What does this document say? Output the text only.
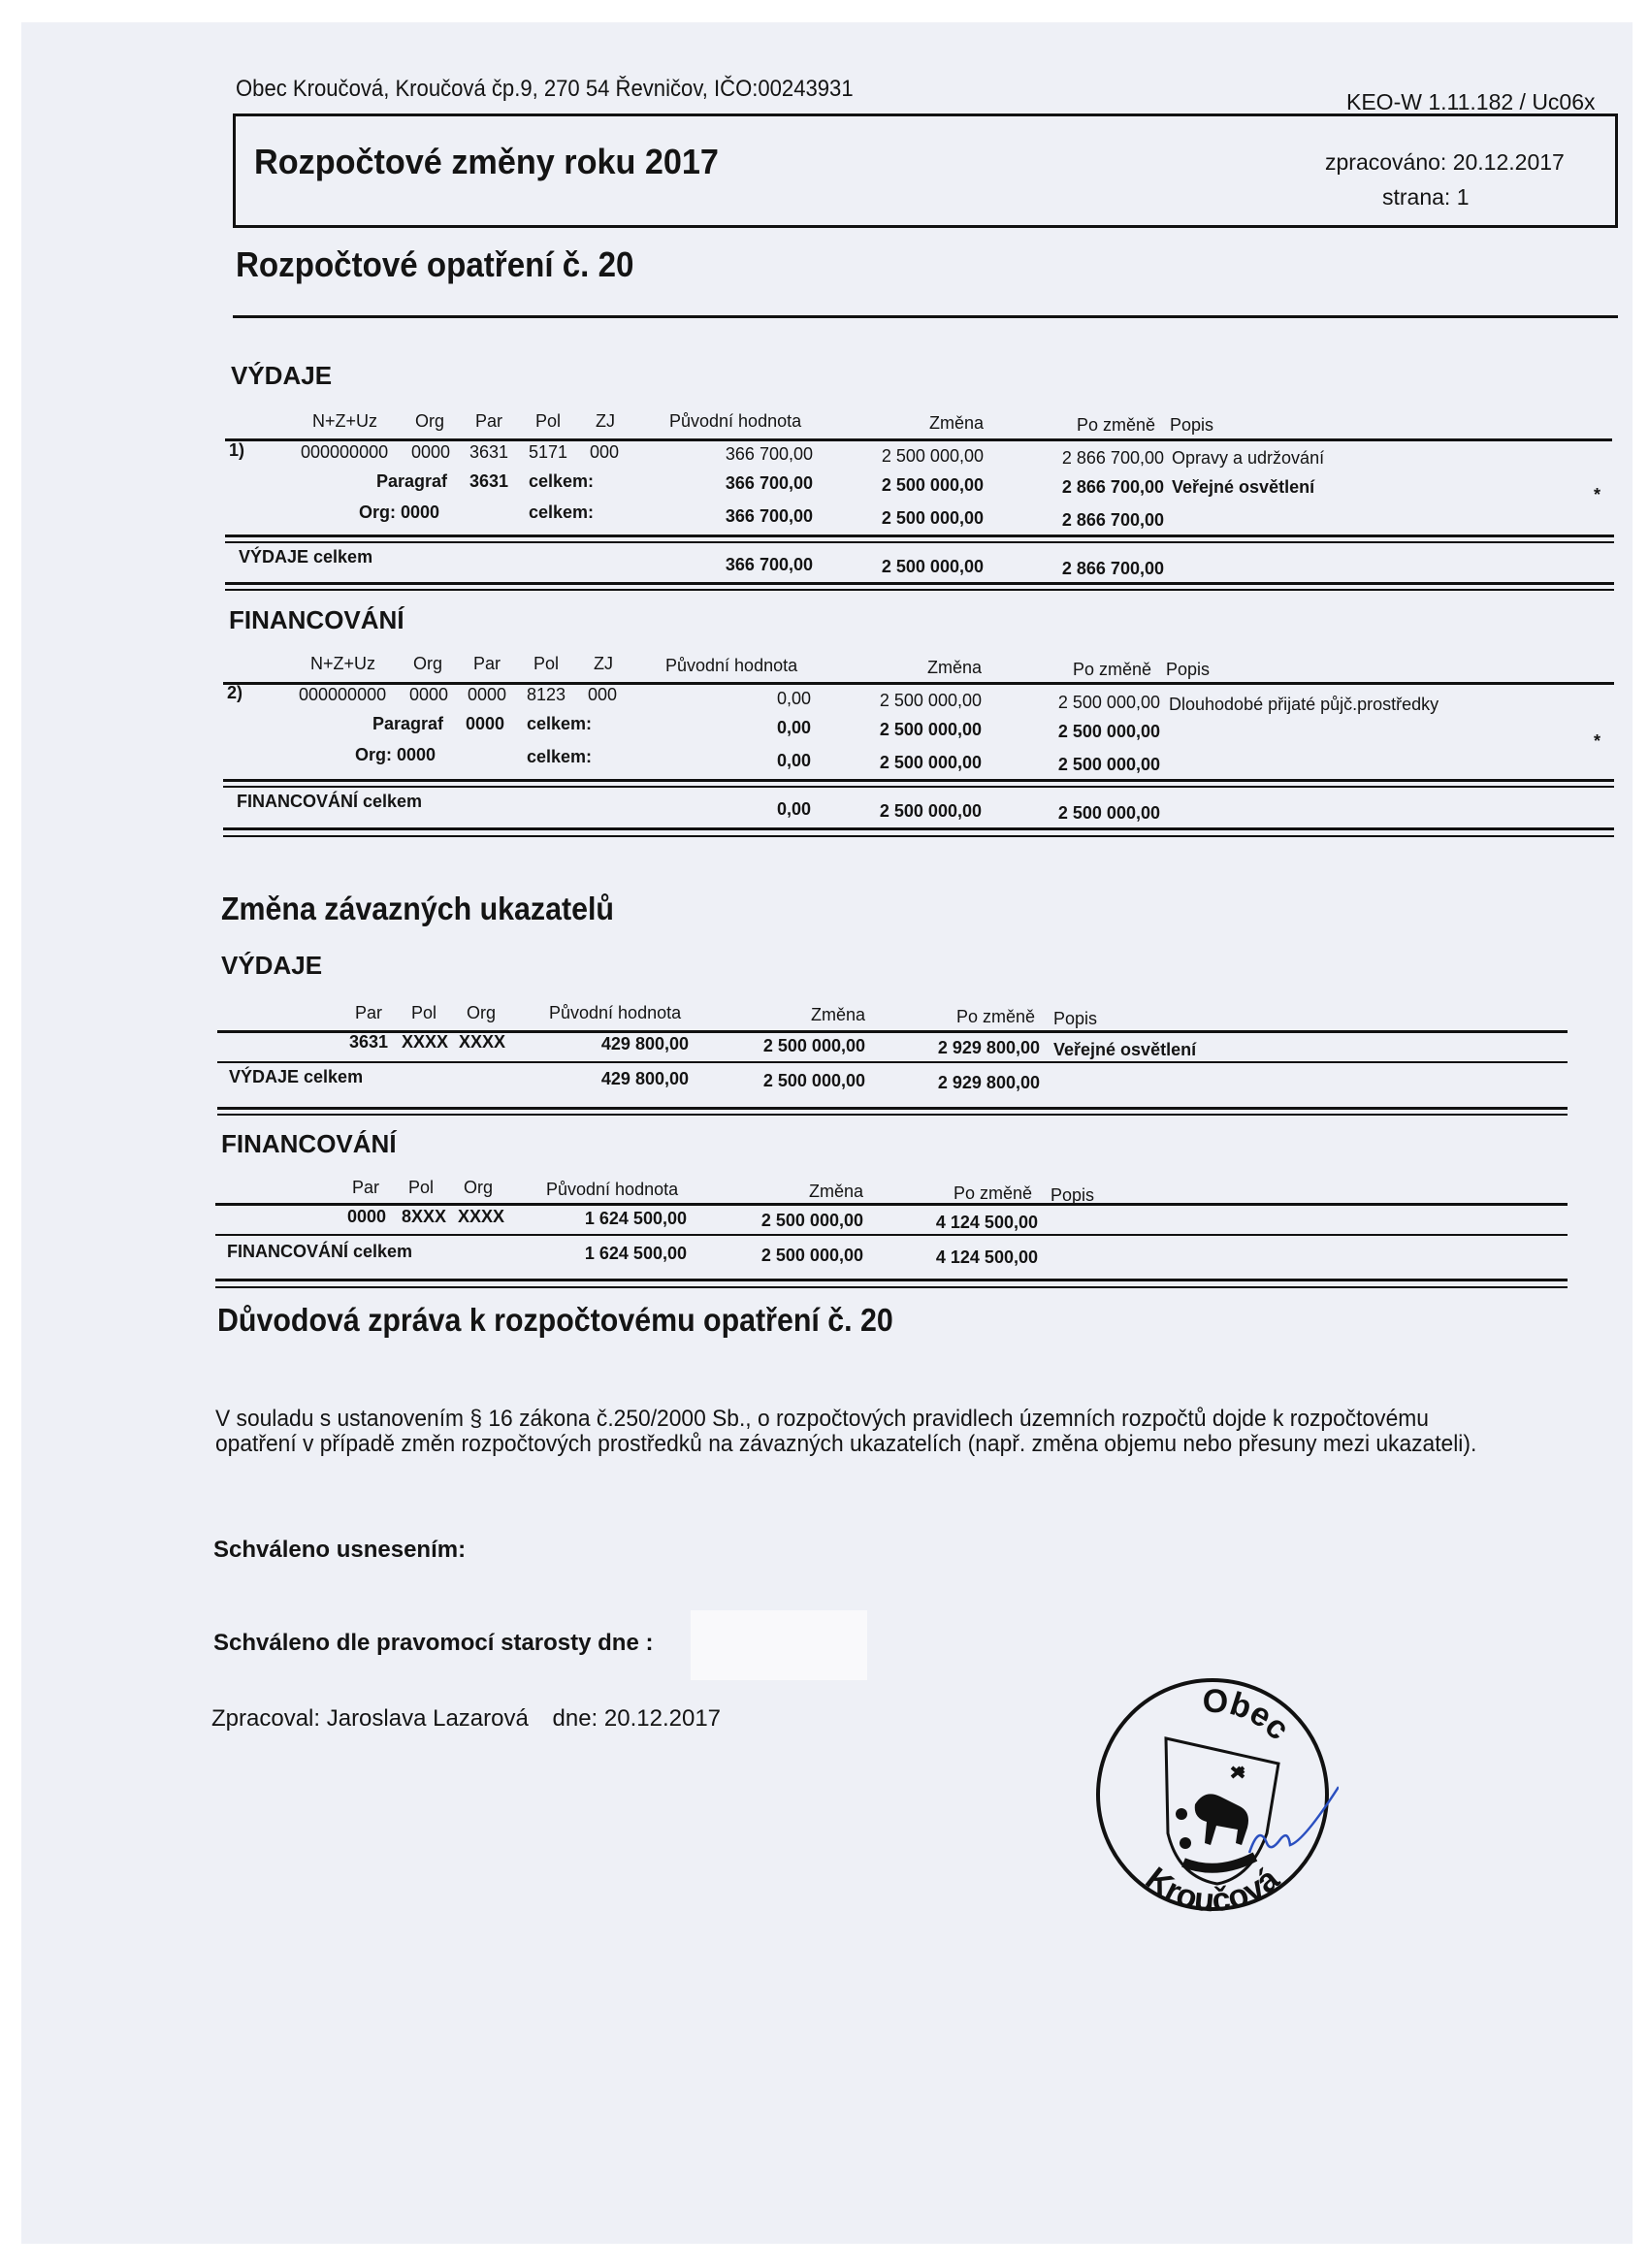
Obec Kroučová, Kroučová čp.9, 270 54 Řevničov, IČO:00243931	KEO-W 1.11.182 / Uc06x
Rozpočtové změny roku 2017	zpracováno: 20.12.2017
strana: 1
Rozpočtové opatření č. 20
VÝDAJE
N+Z+Uz Org Par Pol ZJ	Původní hodnota	Změna	Po změně Popis
1)	000000000 0000 3631 5171 000	366 700,00	2 500 000,00	2 866 700,00 Opravy a udržování
Paragraf 3631 celkem:	366 700,00	2 500 000,00	2 866 700,00 Veřejné osvětlení	*
Org: 0000	celkem:	366 700,00	2 500 000,00	2 866 700,00
VÝDAJE celkem	366 700,00	2 500 000,00	2 866 700,00
FINANCOVÁNÍ
N+Z+Uz Org Par Pol ZJ	Původní hodnota	Změna	Po změně Popis
2)	000000000 0000 0000 8123 000	0,00	2 500 000,00	2 500 000,00 Dlouhodobé přijaté půjč.prostředky
Paragraf 0000 celkem:	0,00	2 500 000,00	2 500 000,00	*
Org: 0000	celkem:	0,00	2 500 000,00	2 500 000,00
FINANCOVÁNÍ celkem	0,00	2 500 000,00	2 500 000,00
Změna závazných ukazatelů
VÝDAJE
Par Pol Org	Původní hodnota	Změna	Po změně Popis
3631 XXXX XXXX	429 800,00	2 500 000,00	2 929 800,00 Veřejné osvětlení
VÝDAJE celkem	429 800,00	2 500 000,00	2 929 800,00
FINANCOVÁNÍ
Par Pol Org	Původní hodnota	Změna	Po změně Popis
0000 8XXX XXXX	1 624 500,00	2 500 000,00	4 124 500,00
FINANCOVÁNÍ celkem	1 624 500,00	2 500 000,00	4 124 500,00
Důvodová zpráva k rozpočtovému opatření č. 20
V souladu s ustanovením § 16 zákona č.250/2000 Sb., o rozpočtových pravidlech územních rozpočtů dojde k rozpočtovému opatření v případě změn rozpočtových prostředků na závazných ukazatelích (např. změna objemu nebo přesuny mezi ukazateli).
Schváleno usnesením:
Schváleno dle pravomocí starosty dne :
Zpracoval: Jaroslava Lazarová dne: 20.12.2017	Obec
Kroučová
